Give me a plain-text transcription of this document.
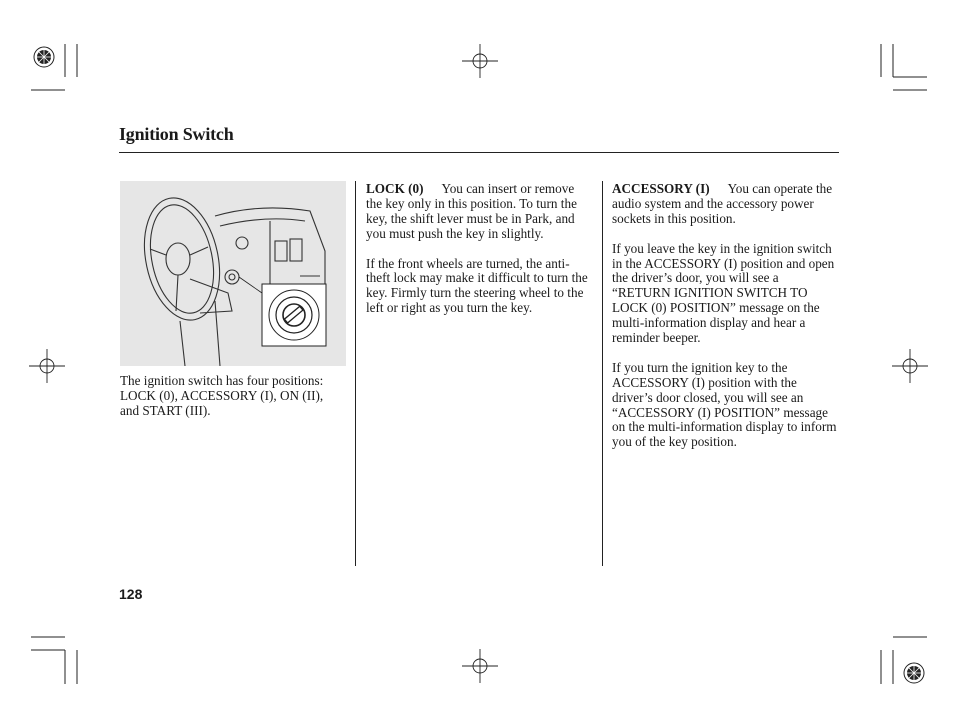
Ignition Switch

The ignition switch has four positions: LOCK (0), ACCESSORY (I), ON (II), and START (III).

LOCK (0) You can insert or remove the key only in this position. To turn the key, the shift lever must be in Park, and you must push the key in slightly.

If the front wheels are turned, the anti-theft lock may make it difficult to turn the key. Firmly turn the steering wheel to the left or right as you turn the key.

ACCESSORY (I) You can operate the audio system and the accessory power sockets in this position.

If you leave the key in the ignition switch in the ACCESSORY (I) position and open the driver’s door, you will see a “RETURN IGNITION SWITCH TO LOCK (0) POSITION” message on the multi-information display and hear a reminder beeper.

If you turn the ignition key to the ACCESSORY (I) position with the driver’s door closed, you will see an “ACCESSORY (I) POSITION” message on the multi-information display to inform you of the key position.

128
